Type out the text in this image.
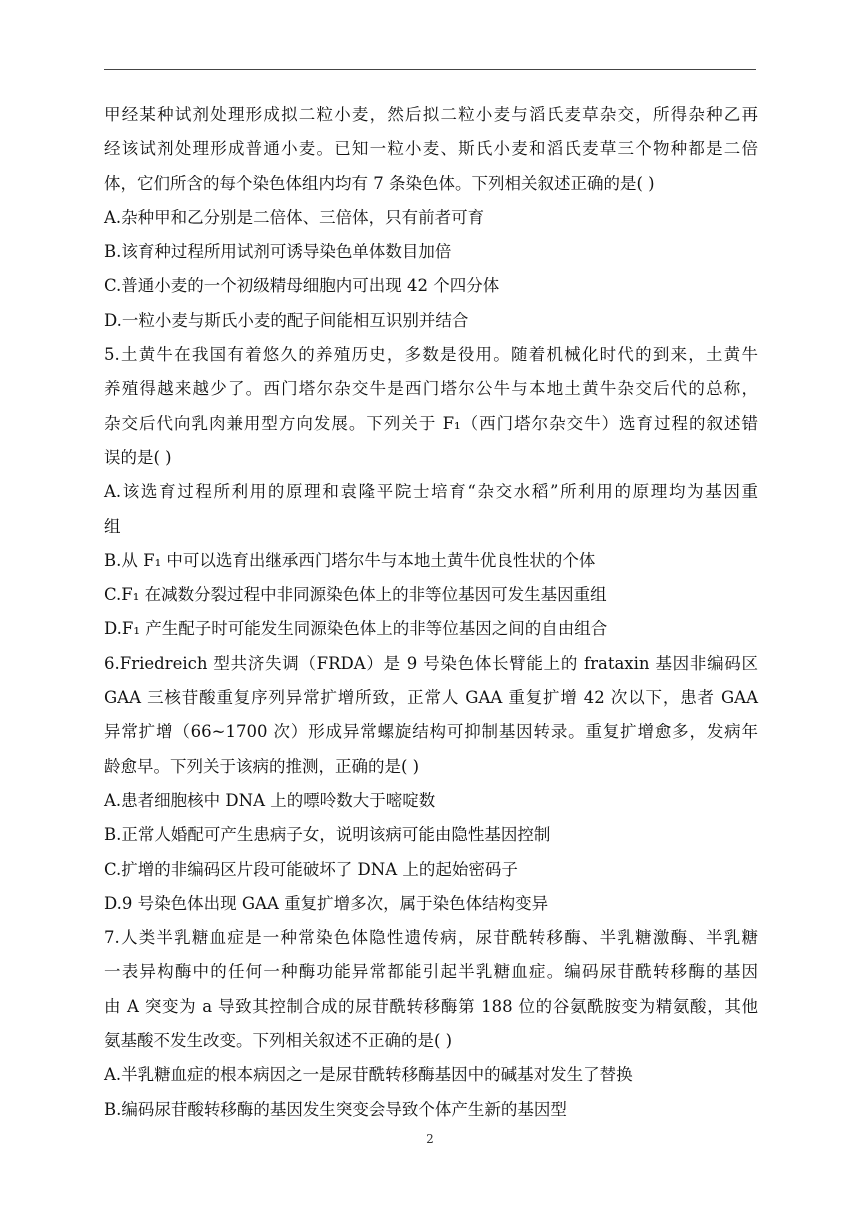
甲经某种试剂处理形成拟二粒小麦，然后拟二粒小麦与滔氏麦草杂交，所得杂种乙再
经该试剂处理形成普通小麦。已知一粒小麦、斯氏小麦和滔氏麦草三个物种都是二倍
体，它们所含的每个染色体组内均有 7 条染色体。下列相关叙述正确的是( )
A.杂种甲和乙分别是二倍体、三倍体，只有前者可育
B.该育种过程所用试剂可诱导染色单体数目加倍
C.普通小麦的一个初级精母细胞内可出现 42 个四分体
D.一粒小麦与斯氏小麦的配子间能相互识别并结合
5.土黄牛在我国有着悠久的养殖历史，多数是役用。随着机械化时代的到来，土黄牛
养殖得越来越少了。西门塔尔杂交牛是西门塔尔公牛与本地土黄牛杂交后代的总称，
杂交后代向乳肉兼用型方向发展。下列关于 F₁（西门塔尔杂交牛）选育过程的叙述错
误的是( )
A.该选育过程所利用的原理和袁隆平院士培育“杂交水稻”所利用的原理均为基因重
组
B.从 F₁ 中可以选育出继承西门塔尔牛与本地土黄牛优良性状的个体
C.F₁ 在减数分裂过程中非同源染色体上的非等位基因可发生基因重组
D.F₁ 产生配子时可能发生同源染色体上的非等位基因之间的自由组合
6.Friedreich 型共济失调（FRDA）是 9 号染色体长臂能上的 frataxin 基因非编码区
GAA 三核苷酸重复序列异常扩增所致，正常人 GAA 重复扩增 42 次以下，患者 GAA
异常扩增（66~1700 次）形成异常螺旋结构可抑制基因转录。重复扩增愈多，发病年
龄愈早。下列关于该病的推测，正确的是( )
A.患者细胞核中 DNA 上的嘌呤数大于嘧啶数
B.正常人婚配可产生患病子女，说明该病可能由隐性基因控制
C.扩增的非编码区片段可能破坏了 DNA 上的起始密码子
D.9 号染色体出现 GAA 重复扩增多次，属于染色体结构变异
7.人类半乳糖血症是一种常染色体隐性遗传病，尿苷酰转移酶、半乳糖激酶、半乳糖
一表异构酶中的任何一种酶功能异常都能引起半乳糖血症。编码尿苷酰转移酶的基因
由 A 突变为 a 导致其控制合成的尿苷酰转移酶第 188 位的谷氨酰胺变为精氨酸，其他
氨基酸不发生改变。下列相关叙述不正确的是( )
A.半乳糖血症的根本病因之一是尿苷酰转移酶基因中的碱基对发生了替换
B.编码尿苷酸转移酶的基因发生突变会导致个体产生新的基因型
2
